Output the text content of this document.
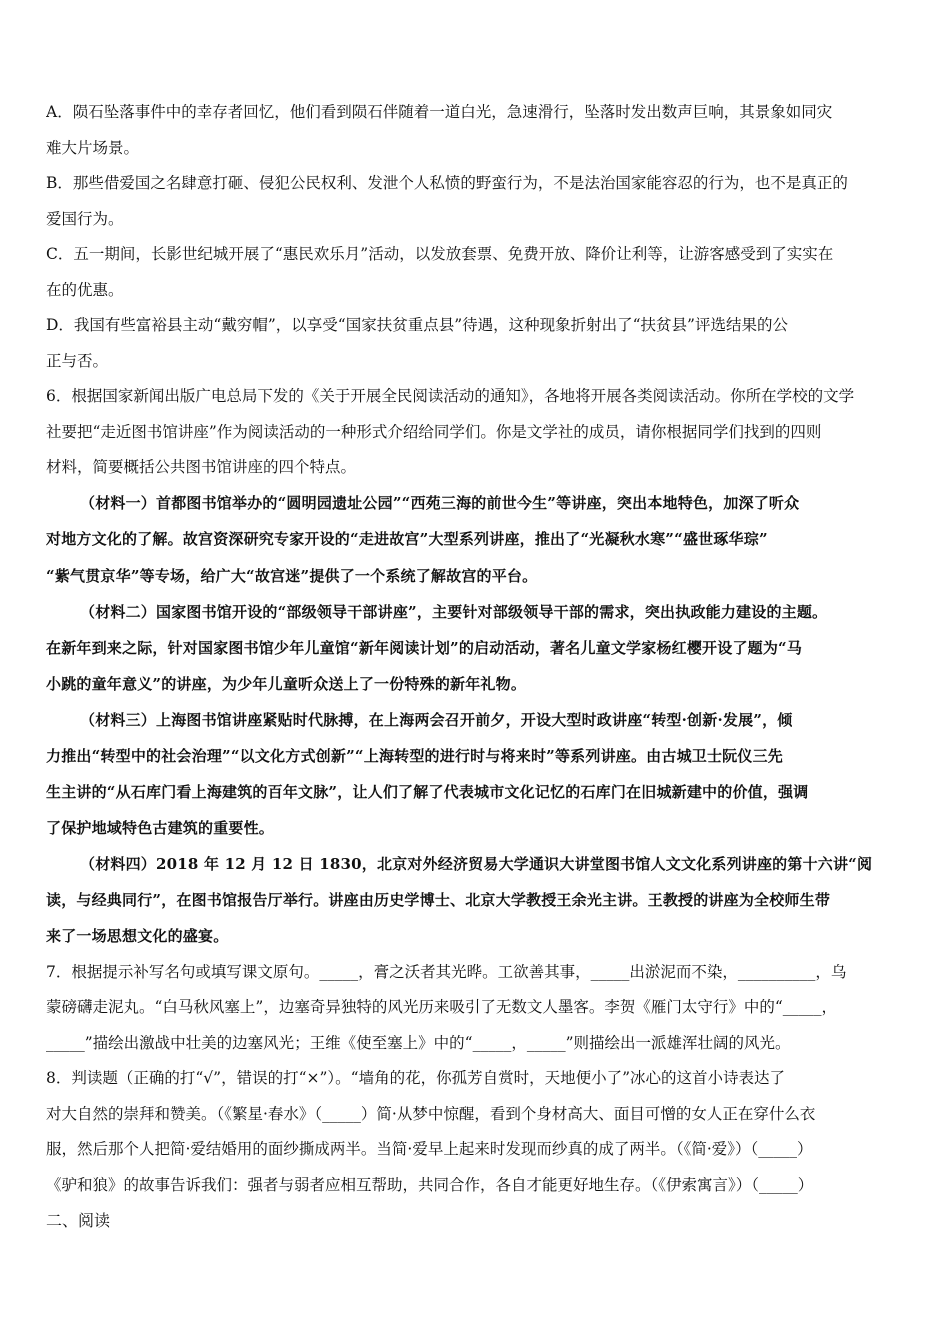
A．陨石坠落事件中的幸存者回忆，他们看到陨石伴随着一道白光，急速滑行，坠落时发出数声巨响，其景象如同灾
难大片场景。
B．那些借爱国之名肆意打砸、侵犯公民权利、发泄个人私愤的野蛮行为，不是法治国家能容忍的行为，也不是真正的
爱国行为。
C．五一期间，长影世纪城开展了“惠民欢乐月”活动，以发放套票、免费开放、降价让利等，让游客感受到了实实在
在的优惠。
D．我国有些富裕县主动“戴穷帽”，以享受“国家扶贫重点县”待遇，这种现象折射出了“扶贫县”评选结果的公
正与否。
6．根据国家新闻出版广电总局下发的《关于开展全民阅读活动的通知》，各地将开展各类阅读活动。你所在学校的文学
社要把“走近图书馆讲座”作为阅读活动的一种形式介绍给同学们。你是文学社的成员，请你根据同学们找到的四则
材料，简要概括公共图书馆讲座的四个特点。
（材料一）首都图书馆举办的“圆明园遗址公园”“西苑三海的前世今生”等讲座，突出本地特色，加深了听众
对地方文化的了解。故宫资深研究专家开设的“走进故宫”大型系列讲座，推出了“光凝秋水寒”“盛世琢华琮”
“紫气贯京华”等专场，给广大“故宫迷”提供了一个系统了解故宫的平台。
（材料二）国家图书馆开设的“部级领导干部讲座”，主要针对部级领导干部的需求，突出执政能力建设的主题。
在新年到来之际，针对国家图书馆少年儿童馆“新年阅读计划”的启动活动，著名儿童文学家杨红樱开设了题为“马
小跳的童年意义”的讲座，为少年儿童听众送上了一份特殊的新年礼物。
（材料三）上海图书馆讲座紧贴时代脉搏，在上海两会召开前夕，开设大型时政讲座“转型·创新·发展”，倾
力推出“转型中的社会治理”“以文化方式创新”“上海转型的进行时与将来时”等系列讲座。由古城卫士阮仪三先
生主讲的“从石库门看上海建筑的百年文脉”，让人们了解了代表城市文化记忆的石库门在旧城新建中的价值，强调
了保护地域特色古建筑的重要性。
（材料四）2018 年 12 月 12 日 1830，北京对外经济贸易大学通识大讲堂图书馆人文文化系列讲座的第十六讲“阅
读，与经典同行”，在图书馆报告厅举行。讲座由历史学博士、北京大学教授王余光主讲。王教授的讲座为全校师生带
来了一场思想文化的盛宴。
7．根据提示补写名句或填写课文原句。_____，膏之沃者其光晔。工欲善其事，_____出淤泥而不染，__________，乌
蒙磅礴走泥丸。“白马秋风塞上”，边塞奇异独特的风光历来吸引了无数文人墨客。李贺《雁门太守行》中的“_____，
_____”描绘出激战中壮美的边塞风光；王维《使至塞上》中的“_____，_____”则描绘出一派雄浑壮阔的风光。
8．判读题（正确的打“√”，错误的打“×”）。“墙角的花，你孤芳自赏时，天地便小了”冰心的这首小诗表达了
对大自然的崇拜和赞美。（《繁星·春水》（_____）简·从梦中惊醒，看到个身材高大、面目可憎的女人正在穿什么衣
服，然后那个人把简·爱结婚用的面纱撕成两半。当简·爱早上起来时发现而纱真的成了两半。（《简·爱》）（_____）
《驴和狼》的故事告诉我们：强者与弱者应相互帮助，共同合作，各自才能更好地生存。（《伊索寓言》）（_____）
二、阅读
